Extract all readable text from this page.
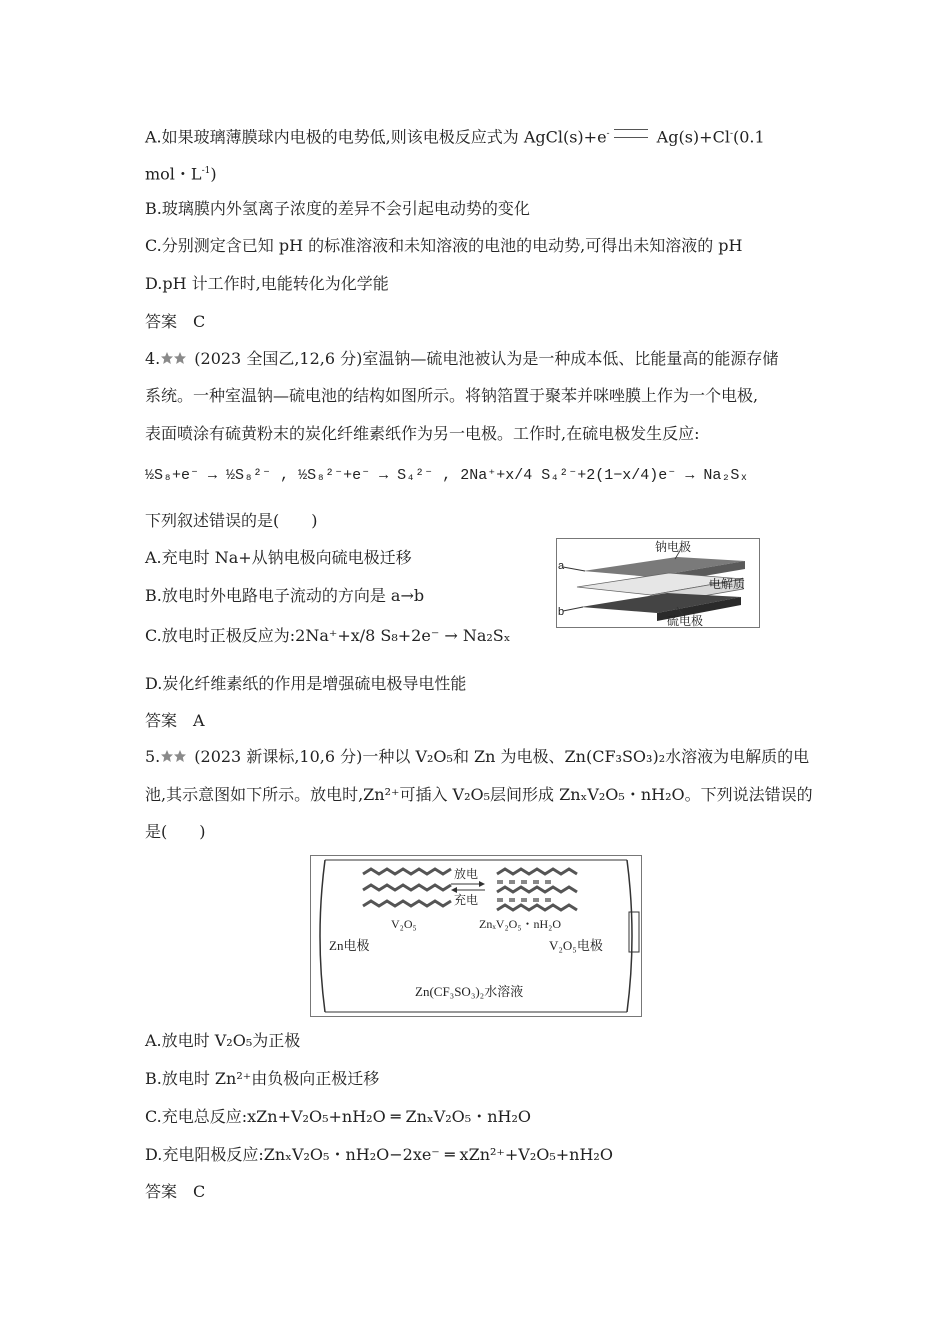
A.如果玻璃薄膜球内电极的电势低,则该电极反应式为 AgCl(s)+e-	Ag(s)+Cl-(0.1
mol・$L^{-1}$)
B.玻璃膜内外氢离子浓度的差异不会引起电动势的变化
C.分别测定含已知 pH 的标准溶液和未知溶液的电池的电动势,可得出未知溶液的 pH
D.pH 计工作时,电能转化为化学能
答案　C
4. (2023 全国乙,12,6 分)室温钠—硫电池被认为是一种成本低、比能量高的能源存储
系统。一种室温钠—硫电池的结构如图所示。将钠箔置于聚苯并咪唑膜上作为一个电极,
表面喷涂有硫黄粉末的炭化纤维素纸作为另一电极。工作时,在硫电极发生反应:
½S₈+e⁻ → ½S₈²⁻ , ½S₈²⁻+e⁻ → S₄²⁻ , 2Na⁺+x/4 S₄²⁻+2(1−x/4)e⁻ → Na₂Sₓ
下列叙述错误的是(　　)
A.充电时 Na+从钠电极向硫电极迁移
B.放电时外电路电子流动的方向是 a→b
C.放电时正极反应为:2Na⁺+x/8 S₈+2e⁻ → Na₂Sₓ
D.炭化纤维素纸的作用是增强硫电极导电性能
答案　A
钠电极
电解质
硫电极
a
b
5. (2023 新课标,10,6 分)一种以 V₂O₅和 Zn 为电极、Zn(CF₃SO₃)₂水溶液为电解质的电
池,其示意图如下所示。放电时,Zn²⁺可插入 V₂O₅层间形成 ZnₓV₂O₅・nH₂O。下列说法错误的
是(　　)
放电
充电
V₂O₅	ZnₓV₂O₅・nH₂O
Zn电极	V₂O₅电极
Zn(CF₃SO₃)₂水溶液
A.放电时 V₂O₅为正极
B.放电时 Zn²⁺由负极向正极迁移
C.充电总反应:xZn+V₂O₅+nH₂O ═ ZnₓV₂O₅・nH₂O
D.充电阳极反应:ZnₓV₂O₅・nH₂O−2xe⁻ ═ xZn²⁺+V₂O₅+nH₂O
答案　C
